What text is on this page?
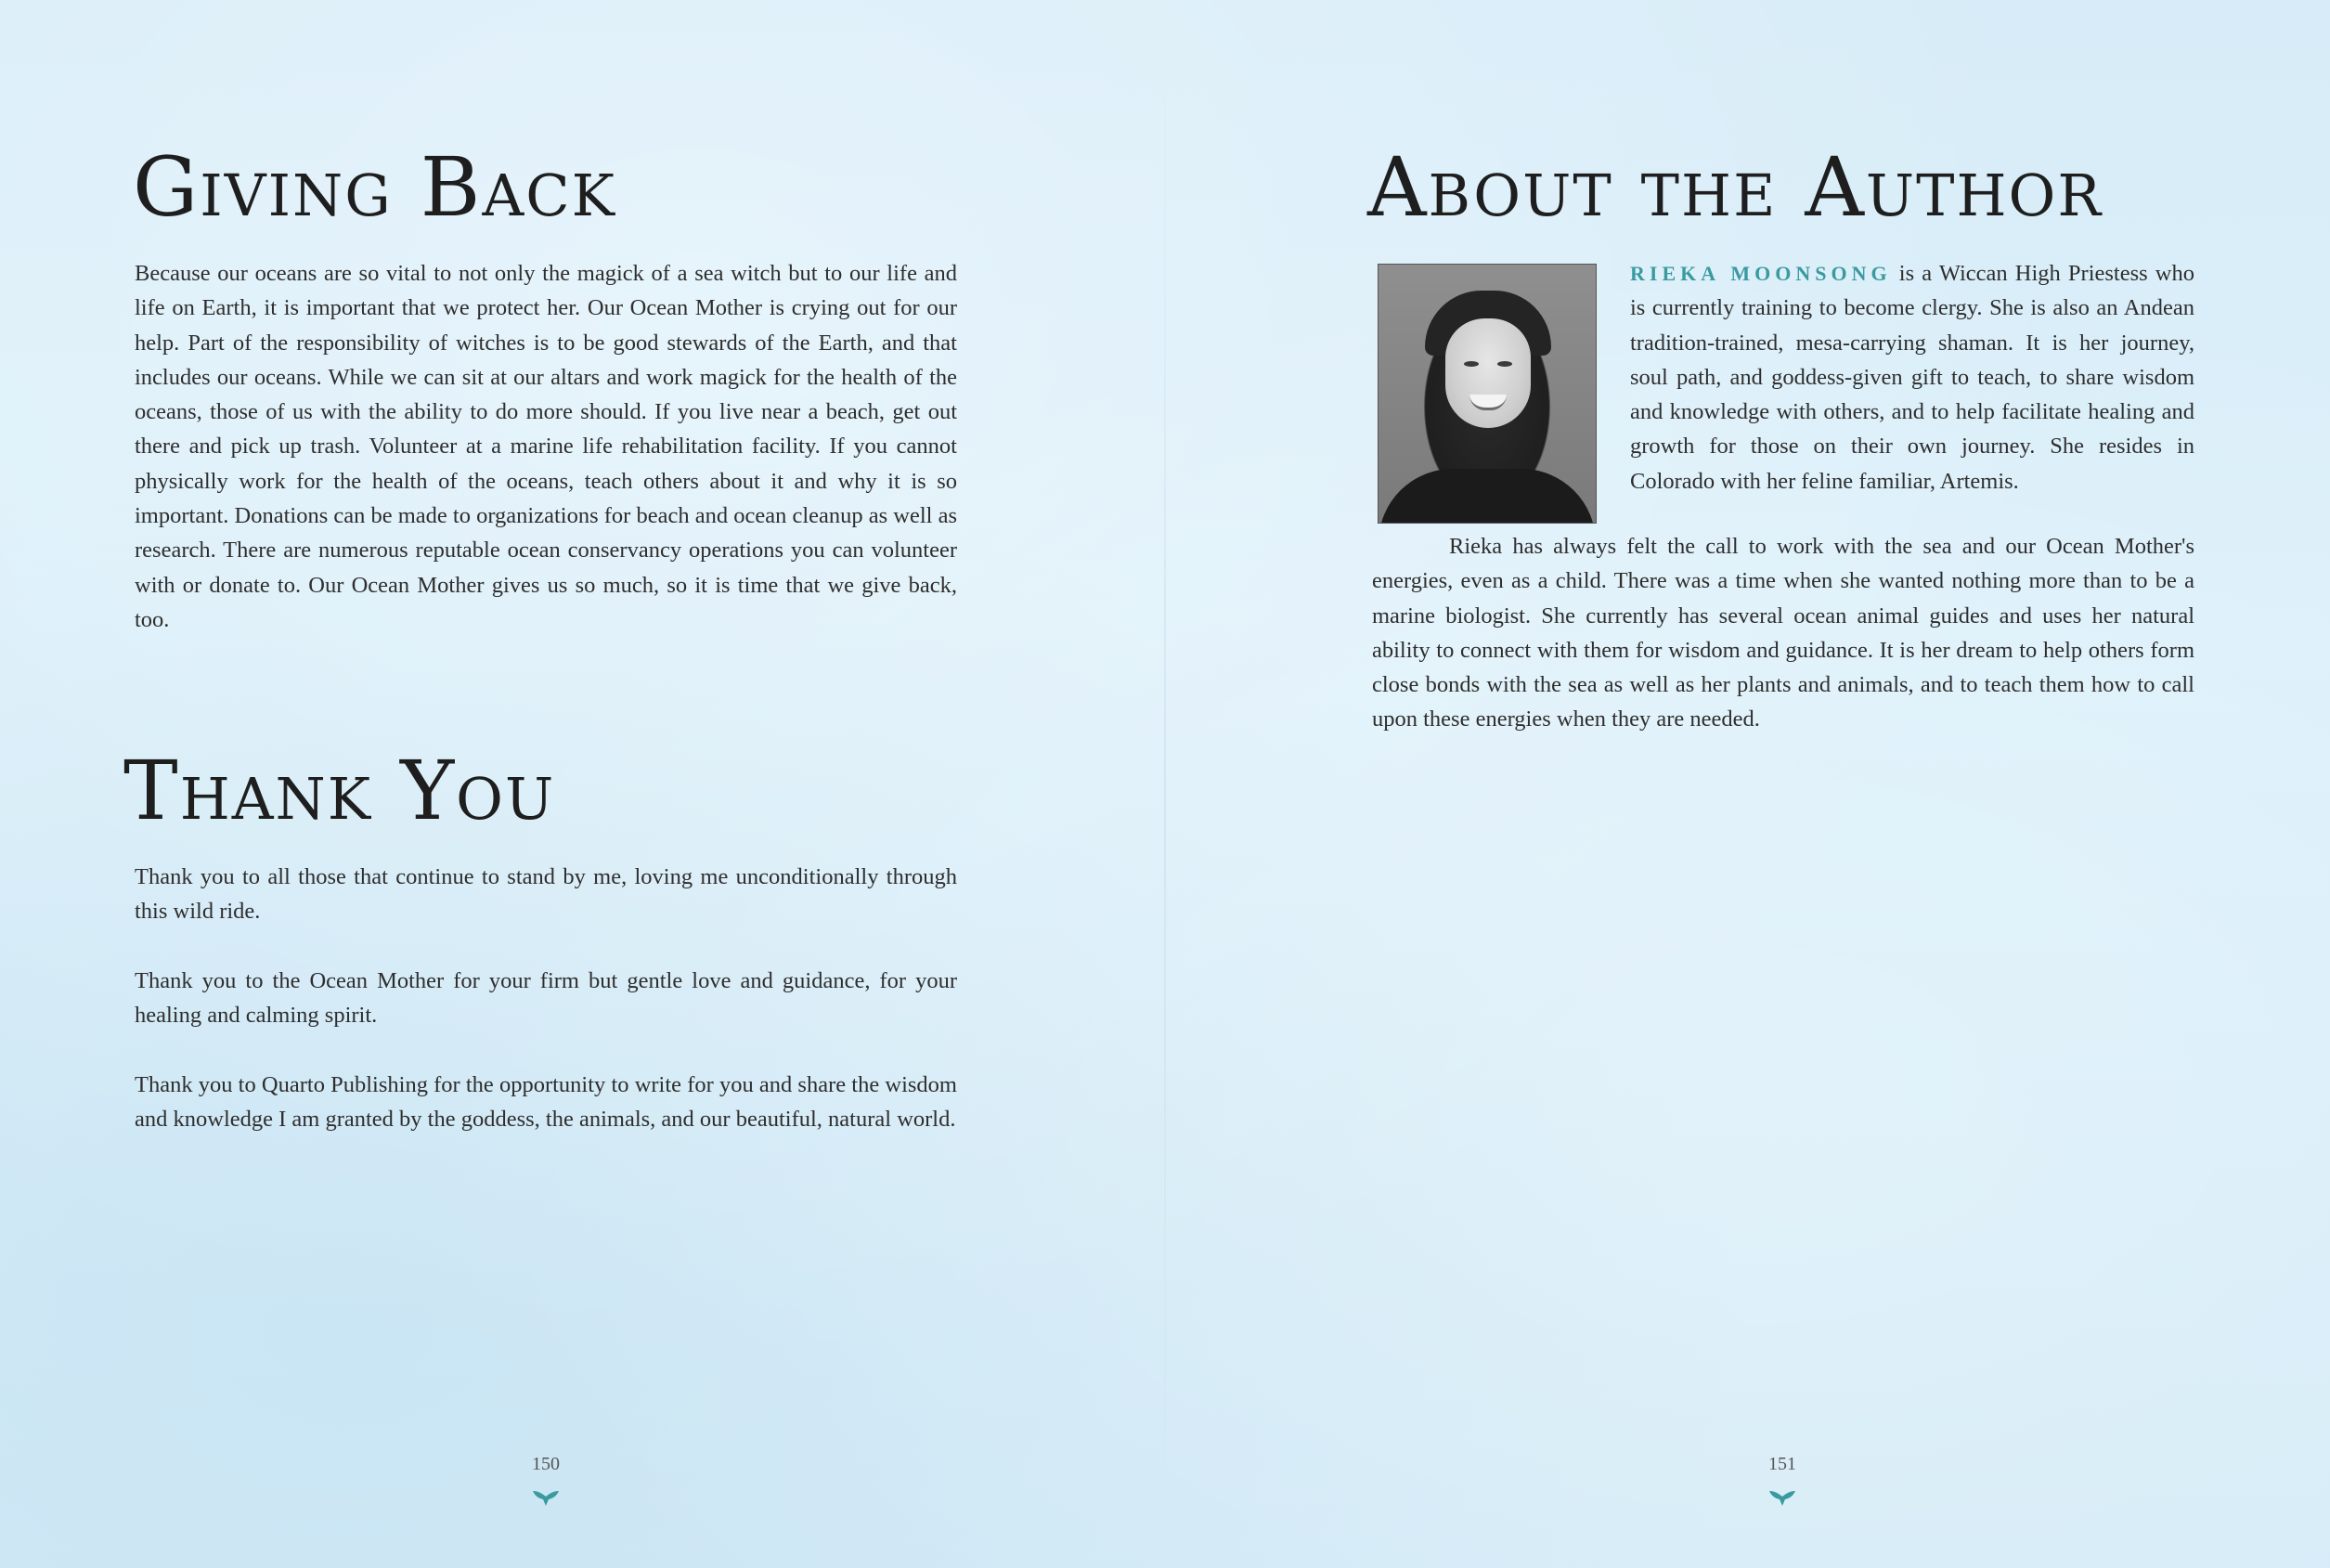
Giving Back

Because our oceans are so vital to not only the magick of a sea witch but to our life and life on Earth, it is important that we protect her. Our Ocean Mother is crying out for our help. Part of the responsibility of witches is to be good stewards of the Earth, and that includes our oceans. While we can sit at our altars and work magick for the health of the oceans, those of us with the ability to do more should. If you live near a beach, get out there and pick up trash. Volunteer at a marine life rehabilitation facility. If you cannot physically work for the health of the oceans, teach others about it and why it is so important. Donations can be made to organizations for beach and ocean cleanup as well as research. There are numerous reputable ocean conservancy operations you can volunteer with or donate to. Our Ocean Mother gives us so much, so it is time that we give back, too.

Thank You

Thank you to all those that continue to stand by me, loving me unconditionally through this wild ride.

Thank you to the Ocean Mother for your firm but gentle love and guidance, for your healing and calming spirit.

Thank you to Quarto Publishing for the opportunity to write for you and share the wisdom and knowledge I am granted by the goddess, the animals, and our beautiful, natural world.

150
About the Author

RIEKA MOONSONG is a Wiccan High Priestess who is currently training to become clergy. She is also an Andean tradition-trained, mesa-carrying shaman. It is her journey, soul path, and goddess-given gift to teach, to share wisdom and knowledge with others, and to help facilitate healing and growth for those on their own journey. She resides in Colorado with her feline familiar, Artemis.

Rieka has always felt the call to work with the sea and our Ocean Mother's energies, even as a child. There was a time when she wanted nothing more than to be a marine biologist. She currently has several ocean animal guides and uses her natural ability to connect with them for wisdom and guidance. It is her dream to help others form close bonds with the sea as well as her plants and animals, and to teach them how to call upon these energies when they are needed.

151
